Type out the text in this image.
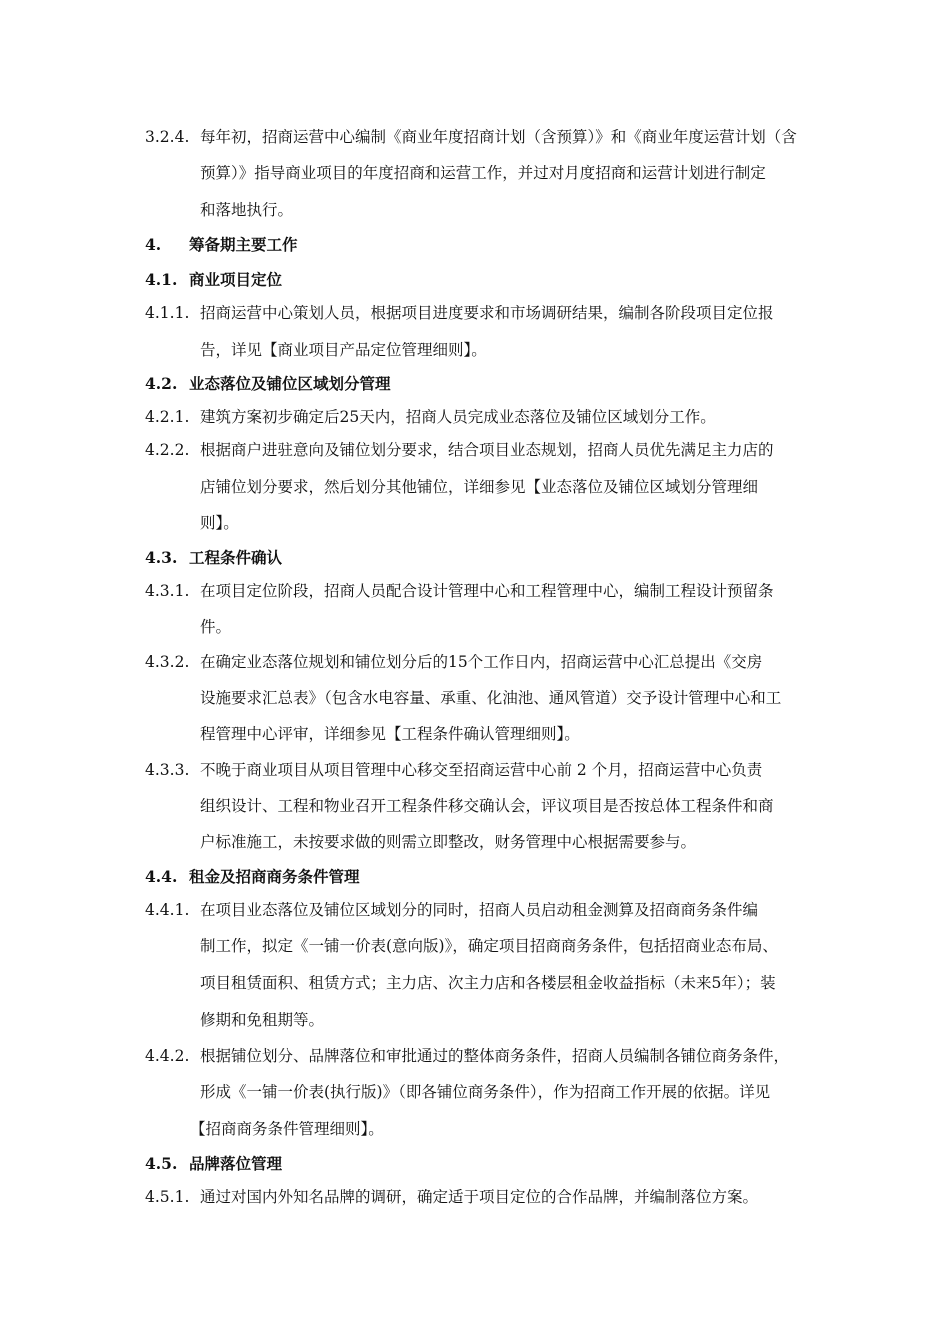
3.2.4. 每年初，招商运营中心编制《商业年度招商计划（含预算）》和《商业年度运营计划（含
预算）》指导商业项目的年度招商和运营工作，并过对月度招商和运营计划进行制定
和落地执行。
4. 筹备期主要工作
4.1. 商业项目定位
4.1.1. 招商运营中心策划人员，根据项目进度要求和市场调研结果，编制各阶段项目定位报
告，详见【商业项目产品定位管理细则】。
4.2. 业态落位及铺位区域划分管理
4.2.1. 建筑方案初步确定后25天内，招商人员完成业态落位及铺位区域划分工作。
4.2.2. 根据商户进驻意向及铺位划分要求，结合项目业态规划，招商人员优先满足主力店的
店铺位划分要求，然后划分其他铺位，详细参见【业态落位及铺位区域划分管理细
则】。
4.3. 工程条件确认
4.3.1. 在项目定位阶段，招商人员配合设计管理中心和工程管理中心，编制工程设计预留条
件。
4.3.2. 在确定业态落位规划和铺位划分后的15个工作日内，招商运营中心汇总提出《交房
设施要求汇总表》（包含水电容量、承重、化油池、通风管道）交予设计管理中心和工
程管理中心评审，详细参见【工程条件确认管理细则】。
4.3.3. 不晚于商业项目从项目管理中心移交至招商运营中心前 2 个月，招商运营中心负责
组织设计、工程和物业召开工程条件移交确认会，评议项目是否按总体工程条件和商
户标准施工，未按要求做的则需立即整改，财务管理中心根据需要参与。
4.4. 租金及招商商务条件管理
4.4.1. 在项目业态落位及铺位区域划分的同时，招商人员启动租金测算及招商商务条件编
制工作，拟定《一铺一价表(意向版)》，确定项目招商商务条件，包括招商业态布局、
项目租赁面积、租赁方式；主力店、次主力店和各楼层租金收益指标（未来5年）；装
修期和免租期等。
4.4.2. 根据铺位划分、品牌落位和审批通过的整体商务条件，招商人员编制各铺位商务条件，
形成《一铺一价表(执行版)》（即各铺位商务条件），作为招商工作开展的依据。详见
【招商商务条件管理细则】。
4.5. 品牌落位管理
4.5.1. 通过对国内外知名品牌的调研，确定适于项目定位的合作品牌，并编制落位方案。
